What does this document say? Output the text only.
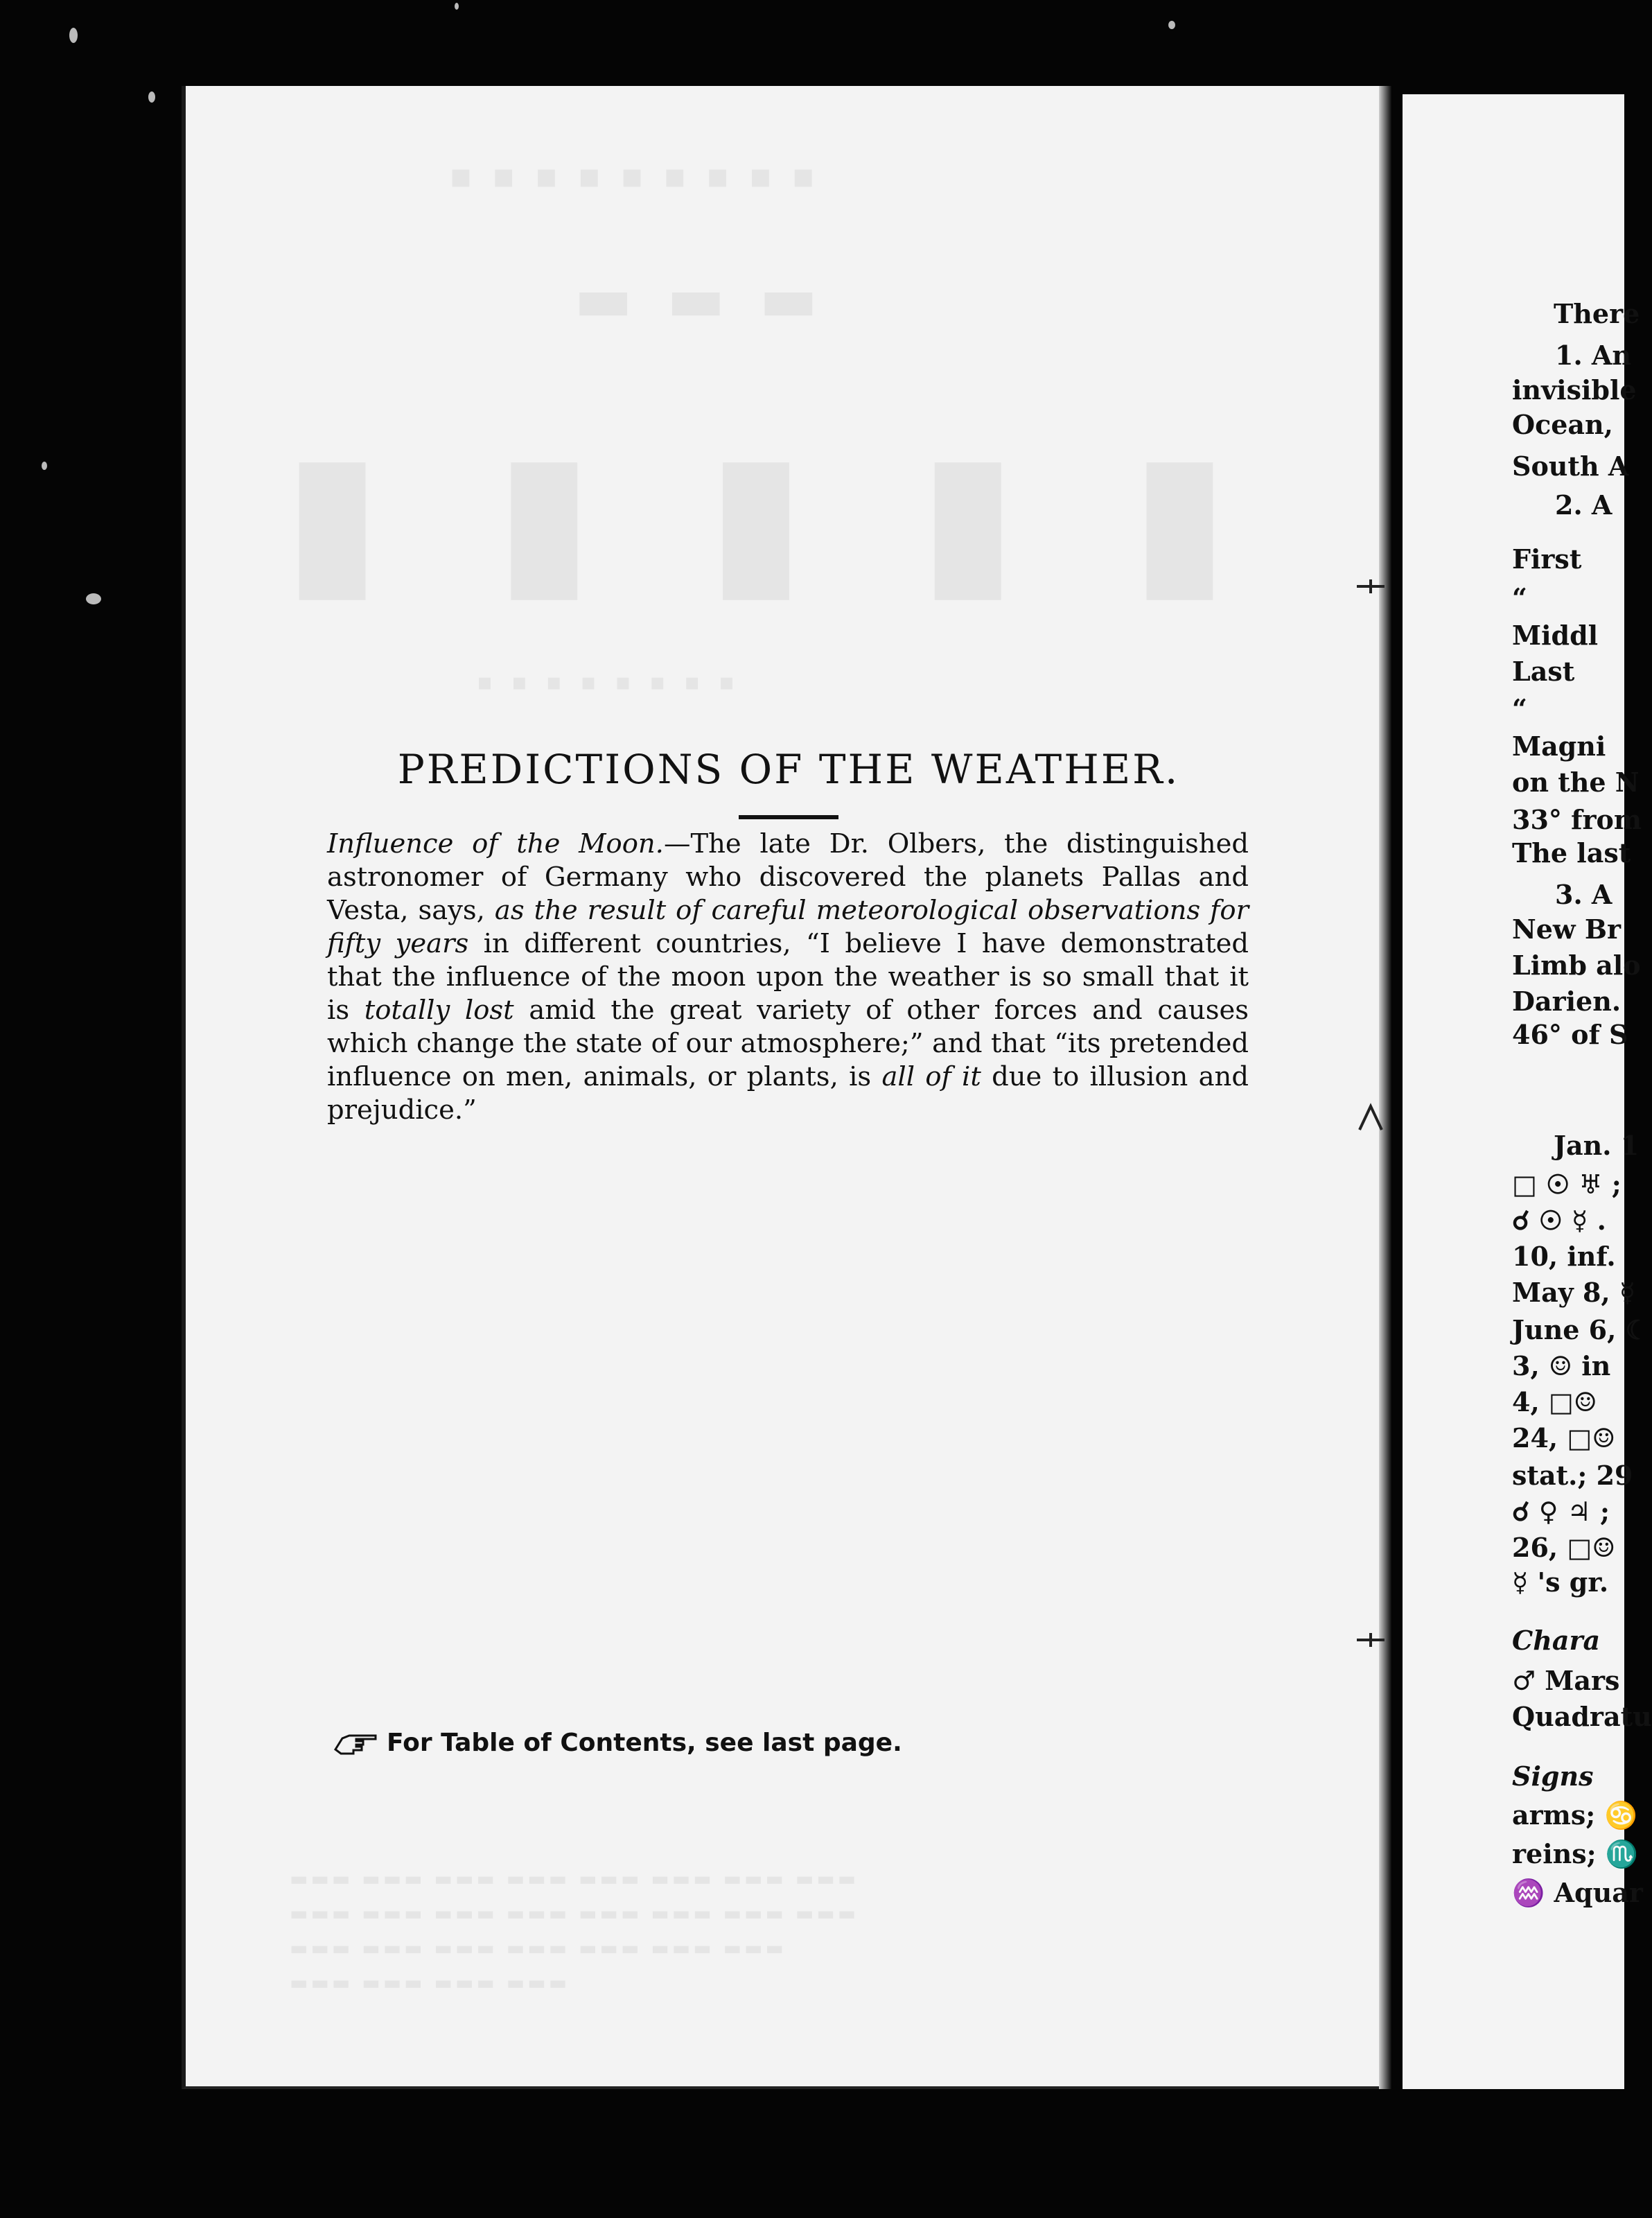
▪ ▪ ▪ ▪ ▪ ▪ ▪ ▪ ▪
▬ ▬ ▬
▮ ▮ ▮ ▮ ▮
▪ ▪ ▪ ▪ ▪ ▪ ▪ ▪
▬▬▬ ▬▬▬ ▬▬▬ ▬▬▬ ▬▬▬ ▬▬▬ ▬▬▬ ▬▬▬
▬▬▬ ▬▬▬ ▬▬▬ ▬▬▬ ▬▬▬ ▬▬▬ ▬▬▬ ▬▬▬
▬▬▬ ▬▬▬ ▬▬▬ ▬▬▬ ▬▬▬ ▬▬▬ ▬▬▬
▬▬▬ ▬▬▬ ▬▬▬ ▬▬▬
PREDICTIONS OF THE WEATHER.
Influence of the Moon.—The late Dr. Olbers, the distinguished astronomer of Germany who discovered the planets Pallas and Vesta, says, as the result of careful meteorological observations for fifty years in different countries, “I believe I have demonstrated that the influence of the moon upon the weather is so small that it is totally lost amid the great variety of other forces and causes which change the state of our atmosphere;” and that “its pretended influence on men, animals, or plants, is all of it due to illusion and prejudice.”
For Table of Contents, see last page.
There
1. An
invisible
Ocean,
South A
2. A
First
“
Middl
Last
“
Magni
on the N
33° from
The last
3. A
New Br
Limb alo
Darien.
46° of S
Jan. 1
□ ☉ ♅ ;
☌ ☉ ☿ .
10, inf.
May 8, ☿
June 6, ☾
3, ☺ in
4, □☺
24, □☺
stat.; 29
☌ ♀ ♃ ;
26, □☺
☿ 's gr.
Chara
♂ Mars
Quadratu
Signs
arms; ♋
reins; ♏
♒ Aquar
